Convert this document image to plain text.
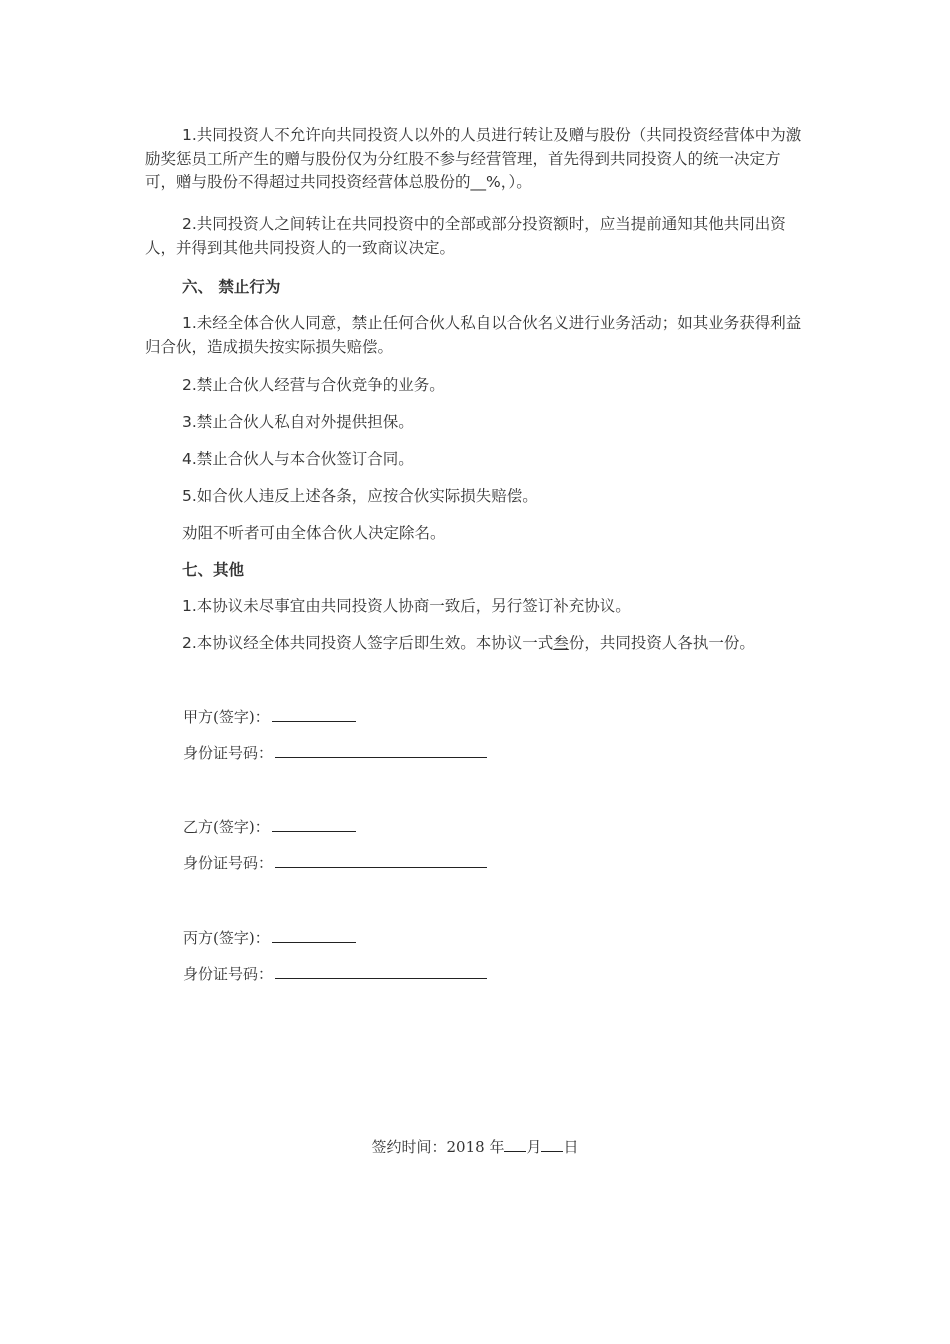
1.共同投资人不允许向共同投资人以外的人员进行转让及赠与股份（共同投资经营体中为激励奖惩员工所产生的赠与股份仅为分红股不参与经营管理，首先得到共同投资人的统一决定方可，赠与股份不得超过共同投资经营体总股份的__%，）。

2.共同投资人之间转让在共同投资中的全部或部分投资额时，应当提前通知其他共同出资人，并得到其他共同投资人的一致商议决定。

六、 禁止行为

1.未经全体合伙人同意，禁止任何合伙人私自以合伙名义进行业务活动；如其业务获得利益归合伙，造成损失按实际损失赔偿。

2.禁止合伙人经营与合伙竞争的业务。
3.禁止合伙人私自对外提供担保。
4.禁止合伙人与本合伙签订合同。
5.如合伙人违反上述各条，应按合伙实际损失赔偿。
劝阻不听者可由全体合伙人决定除名。
七、其他
1.本协议未尽事宜由共同投资人协商一致后，另行签订补充协议。
2.本协议经全体共同投资人签字后即生效。本协议一式叁份，共同投资人各执一份。
甲方(签字)：
身份证号码：
乙方(签字)：
身份证号码：
丙方(签字)：
身份证号码：
签约时间：2018 年 月 日
